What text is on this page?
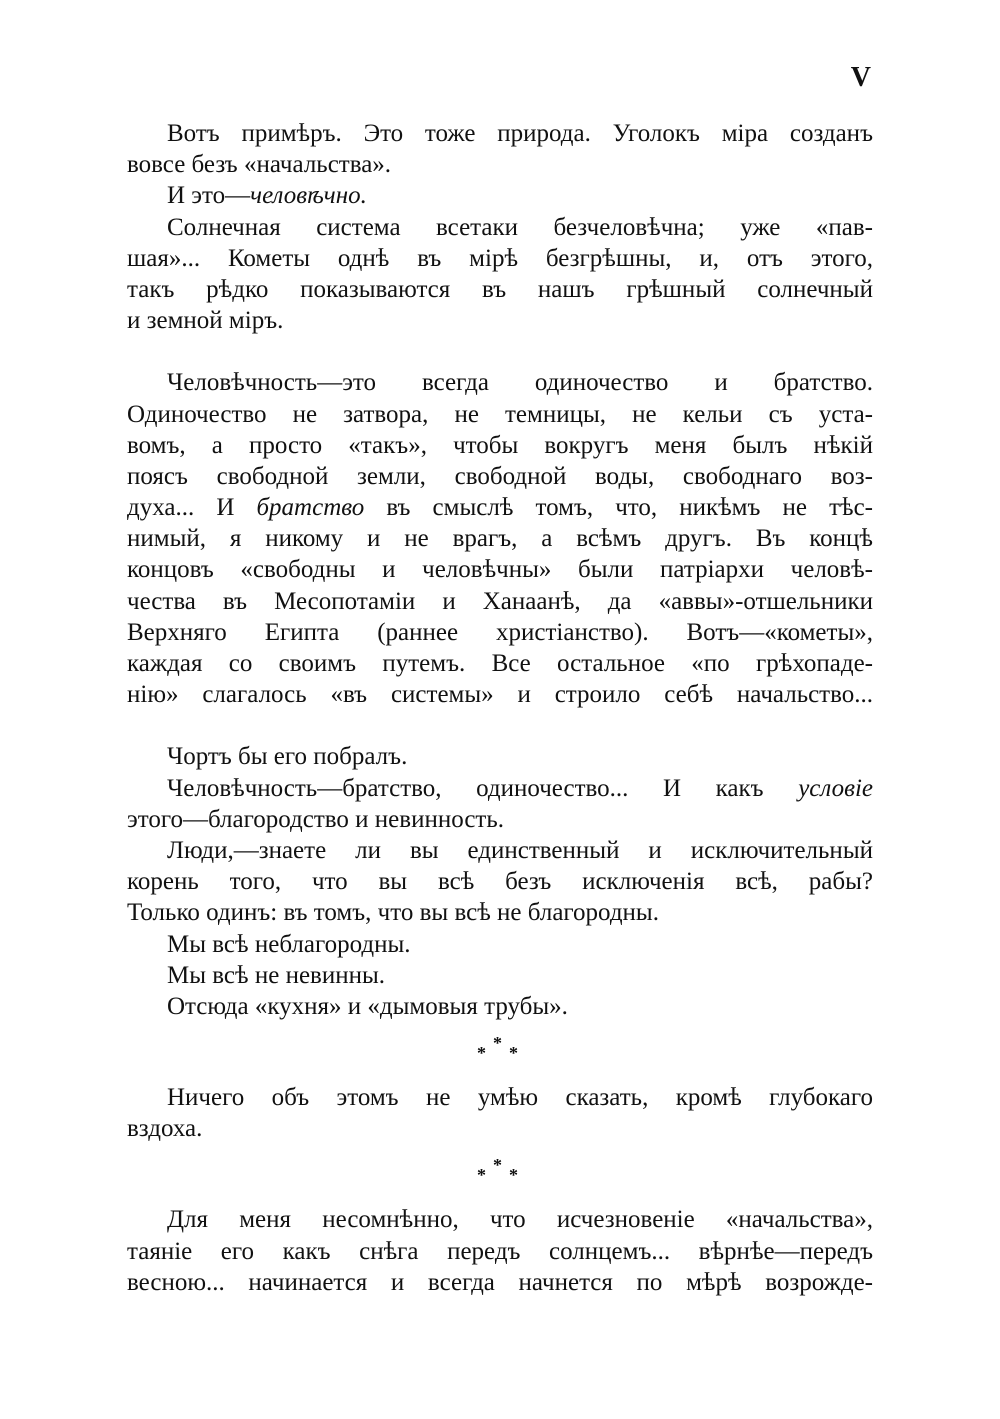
V
Вотъ примѣръ. Это тоже природа. Уголокъ міра созданъ
вовсе безъ «начальства».
И это—человѣчно.
Солнечная система всетаки безчеловѣчна; уже «пав-
шая»... Кометы однѣ въ мірѣ безгрѣшны, и, отъ этого,
такъ рѣдко показываются въ нашъ грѣшный солнечный
и земной міръ.
Человѣчность—это всегда одиночество и братство.
Одиночество не затвора, не темницы, не кельи съ уста-
вомъ, а просто «такъ», чтобы вокругъ меня былъ нѣкій
поясъ свободной земли, свободной воды, свободнаго воз-
духа... И братство въ смыслѣ томъ, что, никѣмъ не тѣс-
нимый, я никому и не врагъ, а всѣмъ другъ. Въ концѣ
концовъ «свободны и человѣчны» были патріархи человѣ-
чества въ Месопотаміи и Ханаанѣ, да «аввы»-отшельники
Верхняго Египта (раннее христіанство). Вотъ—«кометы»,
каждая со своимъ путемъ. Все остальное «по грѣхопаде-
нію» слагалось «въ системы» и строило себѣ начальство...
Чортъ бы его побралъ.
Человѣчность—братство, одиночество... И какъ условіе
этого—благородство и невинность.
Люди,—знаете ли вы единственный и исключительный
корень того, что вы всѣ безъ исключенія всѣ, рабы?
Только одинъ: въ томъ, что вы всѣ не благородны.
Мы всѣ неблагородны.
Мы всѣ не невинны.
Отсюда «кухня» и «дымовыя трубы».
* * *
Ничего объ этомъ не умѣю сказать, кромѣ глубокаго
вздоха.
* * *
Для меня несомнѣнно, что исчезновеніе «начальства»,
таяніе его какъ снѣга передъ солнцемъ... вѣрнѣе—передъ
весною... начинается и всегда начнется по мѣрѣ возрожде-
